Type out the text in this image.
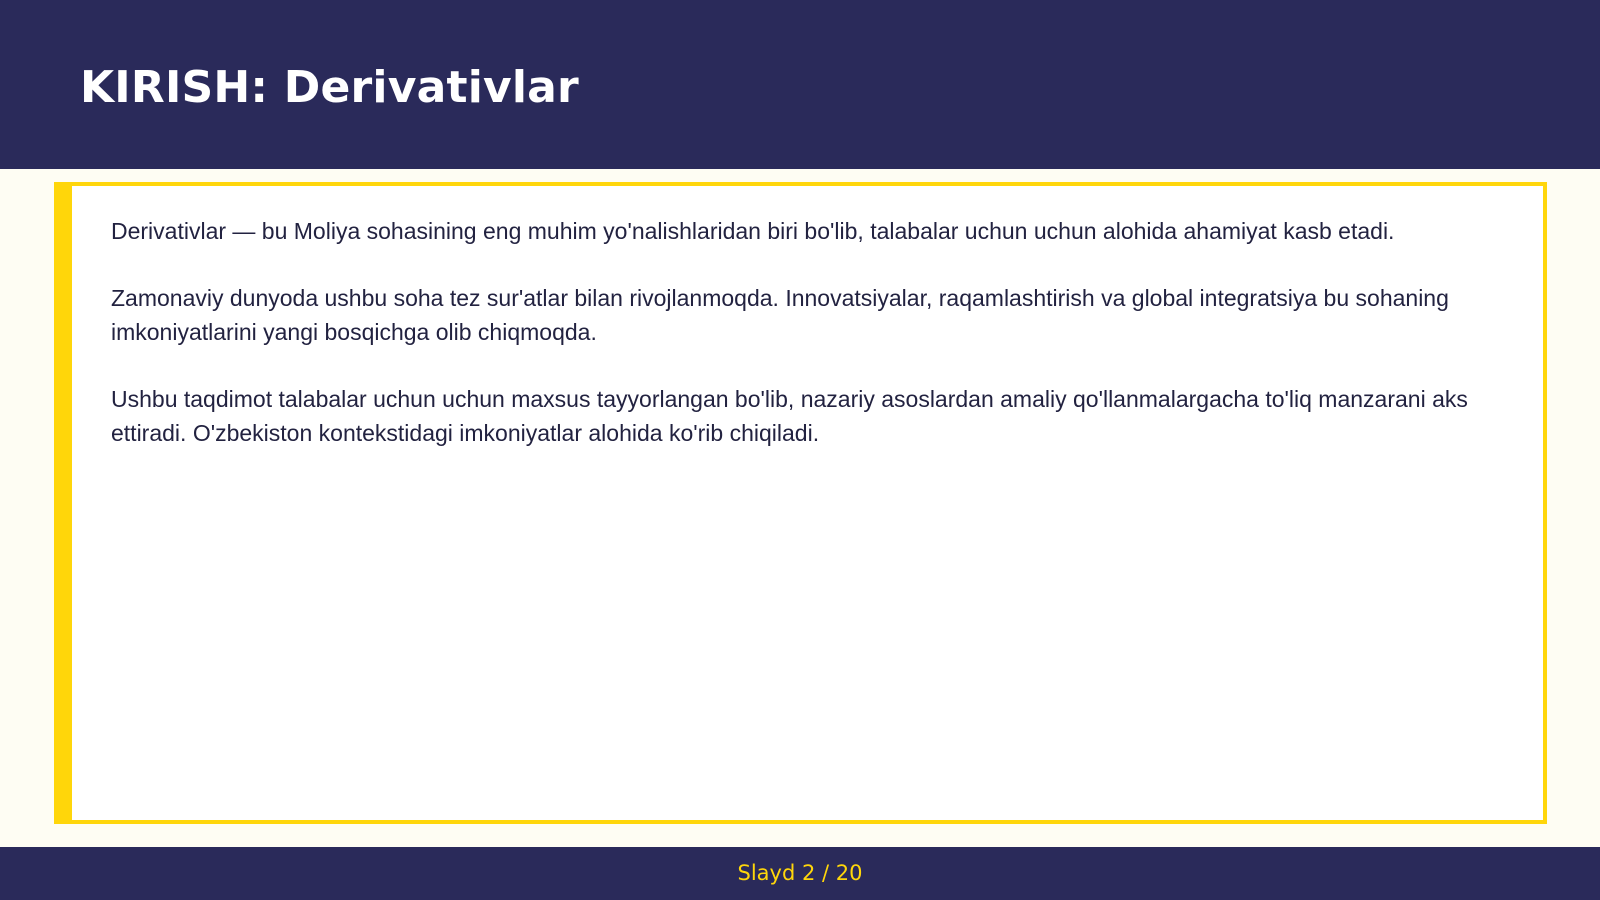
KIRISH: Derivativlar

Derivativlar — bu Moliya sohasining eng muhim yo'nalishlaridan biri bo'lib, talabalar uchun uchun alohida ahamiyat kasb etadi.

Zamonaviy dunyoda ushbu soha tez sur'atlar bilan rivojlanmoqda. Innovatsiyalar, raqamlashtirish va global integratsiya bu sohaning imkoniyatlarini yangi bosqichga olib chiqmoqda.

Ushbu taqdimot talabalar uchun uchun maxsus tayyorlangan bo'lib, nazariy asoslardan amaliy qo'llanmalargacha to'liq manzarani aks ettiradi. O'zbekiston kontekstidagi imkoniyatlar alohida ko'rib chiqiladi.

Slayd 2 / 20
